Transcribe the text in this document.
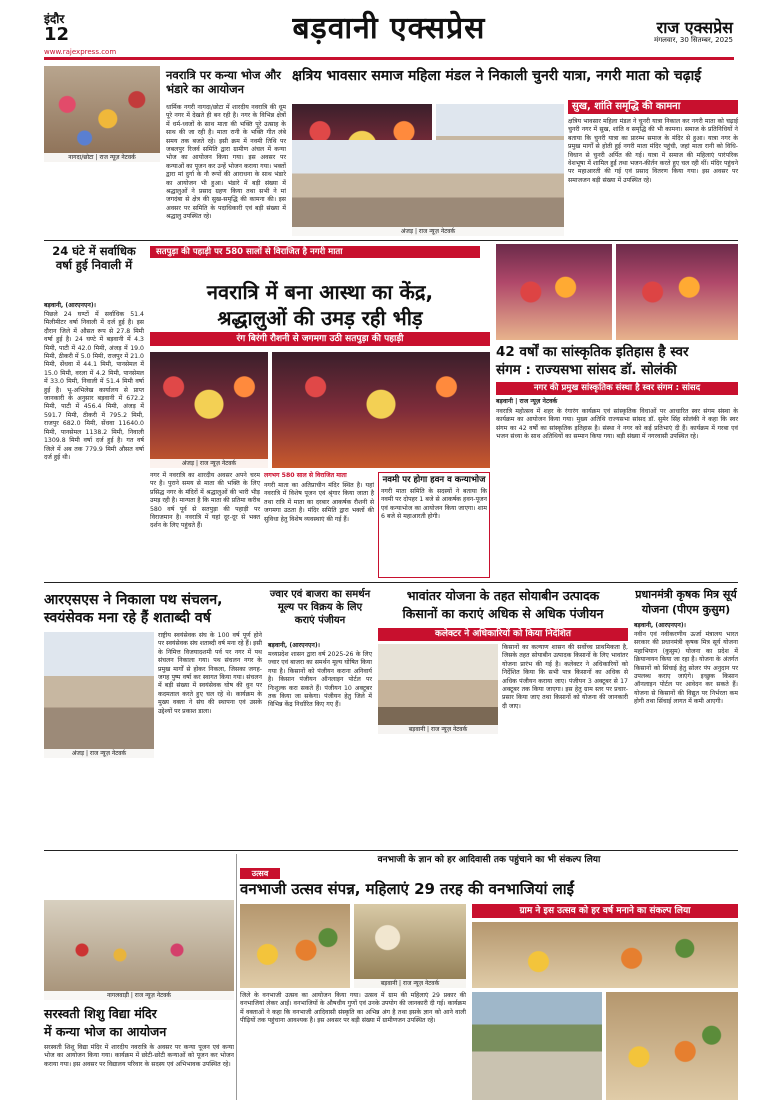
इंदौर
12
www.rajexpress.com
बड़वानी एक्सप्रेस	राज एक्सप्रेस
मंगलवार, 30 सितम्बर, 2025
नागदा/छोटा | राज न्यूज़ नेटवर्क
नवरात्रि पर कन्या भोज और भंडारे का आयोजन
धार्मिक नगरी नागदा/छोटा में शारदीय नवरात्रि की धूम पूरे नगर में देखते ही बन रही है। नगर के विभिन्न क्षेत्रों में धर्म-ध्वजों के साथ माता की भक्ति पूरे उत्साह के साथ की जा रही है। माता रानी के भक्ति गीत लंबे समय तक बजते रहे। इसी क्रम में नवमी तिथि पर जबलपुर रिजर्व समिति द्वारा ग्रामीण अंचल में कन्या भोज का आयोजन किया गया। इस अवसर पर कन्याओं का पूजन कर उन्हें भोजन कराया गया। भक्तों द्वारा मां दुर्गा के नौ रूपों की आराधना के साथ भंडारे का आयोजन भी हुआ। भंडारे में बड़ी संख्या में श्रद्धालुओं ने प्रसाद ग्रहण किया तथा सभी ने मां जगदंबा से क्षेत्र की सुख-समृद्धि की कामना की। इस अवसर पर समिति के पदाधिकारी एवं बड़ी संख्या में श्रद्धालु उपस्थित रहे।
क्षत्रिय भावसार समाज महिला मंडल ने निकाली चुनरी यात्रा, नगरी माता को चढ़ाई
सुख, शांति समृद्धि की कामना
अंजड़ | राज न्यूज़ नेटवर्क
क्षत्रिय भावसार महिला मंडल ने चुनरी यात्रा निकाल कर नगरी माता को चढ़ाई चुनरी नगर में सुख, शांति व समृद्धि की भी कामना। समाज के प्रतिनिधियों ने बताया कि चुनरी यात्रा का प्रारम्भ समाज के मंदिर से हुआ। यात्रा नगर के प्रमुख मार्गों से होती हुई नगरी माता मंदिर पहुंची, जहां माता रानी को विधि-विधान से चुनरी अर्पित की गई। यात्रा में समाज की महिलाएं पारंपरिक वेशभूषा में शामिल हुईं तथा भजन-कीर्तन करते हुए चल रही थीं। मंदिर पहुंचने पर महाआरती की गई एवं प्रसाद वितरण किया गया। इस अवसर पर समाजजन बड़ी संख्या में उपस्थित रहे।
24 घंटे में सर्वाधिक वर्षा हुई निवाली में
बड़वानी, (आरएनएन)।
पिछले 24 घण्टों में सर्वाधिक 51.4 मिलीमीटर वर्षा निवाली में दर्ज हुई है। इस दौरान जिले में औसत रूप से 27.8 मिमी वर्षा हुई है। 24 घण्टे में बड़वानी में 4.3 मिमी, पाटी में 42.0 मिमी, अंजड़ में 19.0 मिमी, ठीकरी में 5.0 मिमी, राजपुर में 21.0 मिमी, सेंधवा में 44.1 मिमी, पानसेमल में 15.0 मिमी, वरला में 4.2 मिमी, पानसेमल में 33.0 मिमी, निवाली में 51.4 मिमी वर्षा हुई है। भू-अभिलेख कार्यालय से प्राप्त जानकारी के अनुसार बड़वानी में 672.2 मिमी, पाटी में 456.4 मिमी, अंजड़ में 591.7 मिमी, ठीकरी में 795.2 मिमी, राजपुर 682.0 मिमी, सेंधवा 11640.0 मिमी, पानसेमल 1138.2 मिमी, निवाली 1309.8 मिमी वर्षा दर्ज हुई है। गत वर्ष जिले में अब तक 779.9 मिमी औसत वर्षा दर्ज हुई थी।
सतपुड़ा की पहाड़ी पर 580 सालों से विराजित है नगरी माता
नवरात्रि में बना आस्था का केंद्र,
श्रद्धालुओं की उमड़ रही भीड़
रंग बिरंगी रौशनी से जगमगा उठी सतपुड़ा की पहाड़ी
अंजड़ | राज न्यूज़ नेटवर्क
नगर में नवरात्रि का शारदीय अवसर अपने चरम पर है। पुराने समय से माता की भक्ति के लिए प्रसिद्ध नगर के मंदिरों में श्रद्धालुओं की भारी भीड़ उमड़ रही है। मान्यता है कि माता की प्रतिमा करीब 580 वर्ष पूर्व से सतपुड़ा की पहाड़ी पर विराजमान है। नवरात्रि में यहां दूर-दूर से भक्त दर्शन के लिए पहुंचते हैं।
लगभग 580 साल से विराजित माता
नगरी माता का अतिप्राचीन मंदिर स्थित है। यहां नवरात्रि में विशेष पूजन एवं श्रृंगार किया जाता है तथा रात्रि में माता का दरबार आकर्षक रौशनी से जगमगा उठता है। मंदिर समिति द्वारा भक्तों की सुविधा हेतु विशेष व्यवस्थाएं की गई हैं।
नवमी पर होगा हवन व कन्याभोज
नगरी माता समिति के सदस्यों ने बताया कि नवमी पर दोपहर 1 बजे से आकर्षक हवन-पूजन एवं कन्याभोज का आयोजन किया जाएगा। शाम 6 बजे से महाआरती होगी।
42 वर्षों का सांस्कृतिक इतिहास है स्वर
संगम : राज्यसभा सांसद डॉ. सोलंकी
नगर की प्रमुख सांस्कृतिक संस्था है स्वर संगम : सांसद
बड़वानी | राज न्यूज़ नेटवर्क
नवरात्रि महोत्सव में शहर के रंगारंग कार्यक्रम एवं सांस्कृतिक विधाओं पर आधारित स्वर संगम संस्था के कार्यक्रम का आयोजन किया गया। मुख्य अतिथि राज्यसभा सांसद डॉ. सुमेर सिंह सोलंकी ने कहा कि स्वर संगम का 42 वर्षों का सांस्कृतिक इतिहास है। संस्था ने नगर को कई प्रतिभाएं दी हैं। कार्यक्रम में गरबा एवं भजन संध्या के साथ अतिथियों का सम्मान किया गया। बड़ी संख्या में नगरवासी उपस्थित रहे।
आरएसएस ने निकाला पथ संचलन,
स्वयंसेवक मना रहे हैं शताब्दी वर्ष
अंजड़ | राज न्यूज़ नेटवर्क
राष्ट्रीय स्वयंसेवक संघ के 100 वर्ष पूर्ण होने पर स्वयंसेवक संघ शताब्दी वर्ष मना रहे हैं। इसी के निमित्त विजयादशमी पर्व पर नगर में पथ संचलन निकाला गया। पथ संचलन नगर के प्रमुख मार्गों से होकर निकला, जिसका जगह-जगह पुष्प वर्षा कर स्वागत किया गया। संचलन में बड़ी संख्या में स्वयंसेवक घोष की धुन पर कदमताल करते हुए चल रहे थे। कार्यक्रम के मुख्य वक्ता ने संघ की स्थापना एवं उसके उद्देश्यों पर प्रकाश डाला।
ज्वार एवं बाजरा का समर्थन मूल्य पर विक्रय के लिए कराएं पंजीयन
बड़वानी, (आरएनएन)।
मध्यप्रदेश शासन द्वारा वर्ष 2025-26 के लिए ज्वार एवं बाजरा का समर्थन मूल्य घोषित किया गया है। किसानों को पंजीयन कराना अनिवार्य है। किसान पंजीयन ऑनलाइन पोर्टल पर निःशुल्क करा सकते हैं। पंजीयन 10 अक्टूबर तक किया जा सकेगा। पंजीयन हेतु जिले में विभिन्न केंद्र निर्धारित किए गए हैं।
भावांतर योजना के तहत सोयाबीन उत्पादक
किसानों का कराएं अधिक से अधिक पंजीयन
कलेक्टर ने अधिकारियों को किया निर्देशित
बड़वानी | राज न्यूज़ नेटवर्क
किसानों का कल्याण शासन की सर्वोच्च प्राथमिकता है, जिसके तहत सोयाबीन उत्पादक किसानों के लिए भावांतर योजना प्रारंभ की गई है। कलेक्टर ने अधिकारियों को निर्देशित किया कि सभी पात्र किसानों का अधिक से अधिक पंजीयन कराया जाए। पंजीयन 3 अक्टूबर से 17 अक्टूबर तक किया जाएगा। इस हेतु ग्राम स्तर पर प्रचार-प्रसार किया जाए तथा किसानों को योजना की जानकारी दी जाए।
प्रधानमंत्री कृषक मित्र सूर्य
योजना (पीएम कुसुम)
बड़वानी, (आरएनएन)।
नवीन एवं नवीकरणीय ऊर्जा मंत्रालय भारत सरकार की प्रधानमंत्री कृषक मित्र सूर्य योजना महाभियान (कुसुम) योजना का प्रदेश में क्रियान्वयन किया जा रहा है। योजना के अंतर्गत किसानों को सिंचाई हेतु सोलर पंप अनुदान पर उपलब्ध कराए जाएंगे। इच्छुक किसान ऑनलाइन पोर्टल पर आवेदन कर सकते हैं। योजना से किसानों की विद्युत पर निर्भरता कम होगी तथा सिंचाई लागत में कमी आएगी।
वनभाजी के ज्ञान को हर आदिवासी तक पहुंचाने का भी संकल्प लिया
उत्सव
वनभाजी उत्सव संपन्न, महिलाएं 29 तरह की वनभाजियां लाईं
बड़वानी | राज न्यूज़ नेटवर्क
ग्राम ने इस उत्सव को हर वर्ष मनाने का संकल्प लिया
जिले के वनभाजी उत्सव का आयोजन किया गया। उत्सव में ग्राम की महिलाएं 29 प्रकार की वनभाजियां लेकर आईं। वनभाजियों के औषधीय गुणों एवं उनके उपयोग की जानकारी दी गई। कार्यक्रम में वक्ताओं ने कहा कि वनभाजी आदिवासी संस्कृति का अभिन्न अंग है तथा इसके ज्ञान को आने वाली पीढ़ियों तक पहुंचाना आवश्यक है। इस अवसर पर बड़ी संख्या में ग्रामीणजन उपस्थित रहे।
सरस्वती शिशु विद्या मंदिर
में कन्या भोज का आयोजन
नागलवाड़ी | राज न्यूज़ नेटवर्क
सरस्वती शिशु विद्या मंदिर में शारदीय नवरात्रि के अवसर पर कन्या पूजन एवं कन्या भोज का आयोजन किया गया। कार्यक्रम में छोटी-छोटी कन्याओं को पूजन कर भोजन कराया गया। इस अवसर पर विद्यालय परिवार के सदस्य एवं अभिभावक उपस्थित रहे।
